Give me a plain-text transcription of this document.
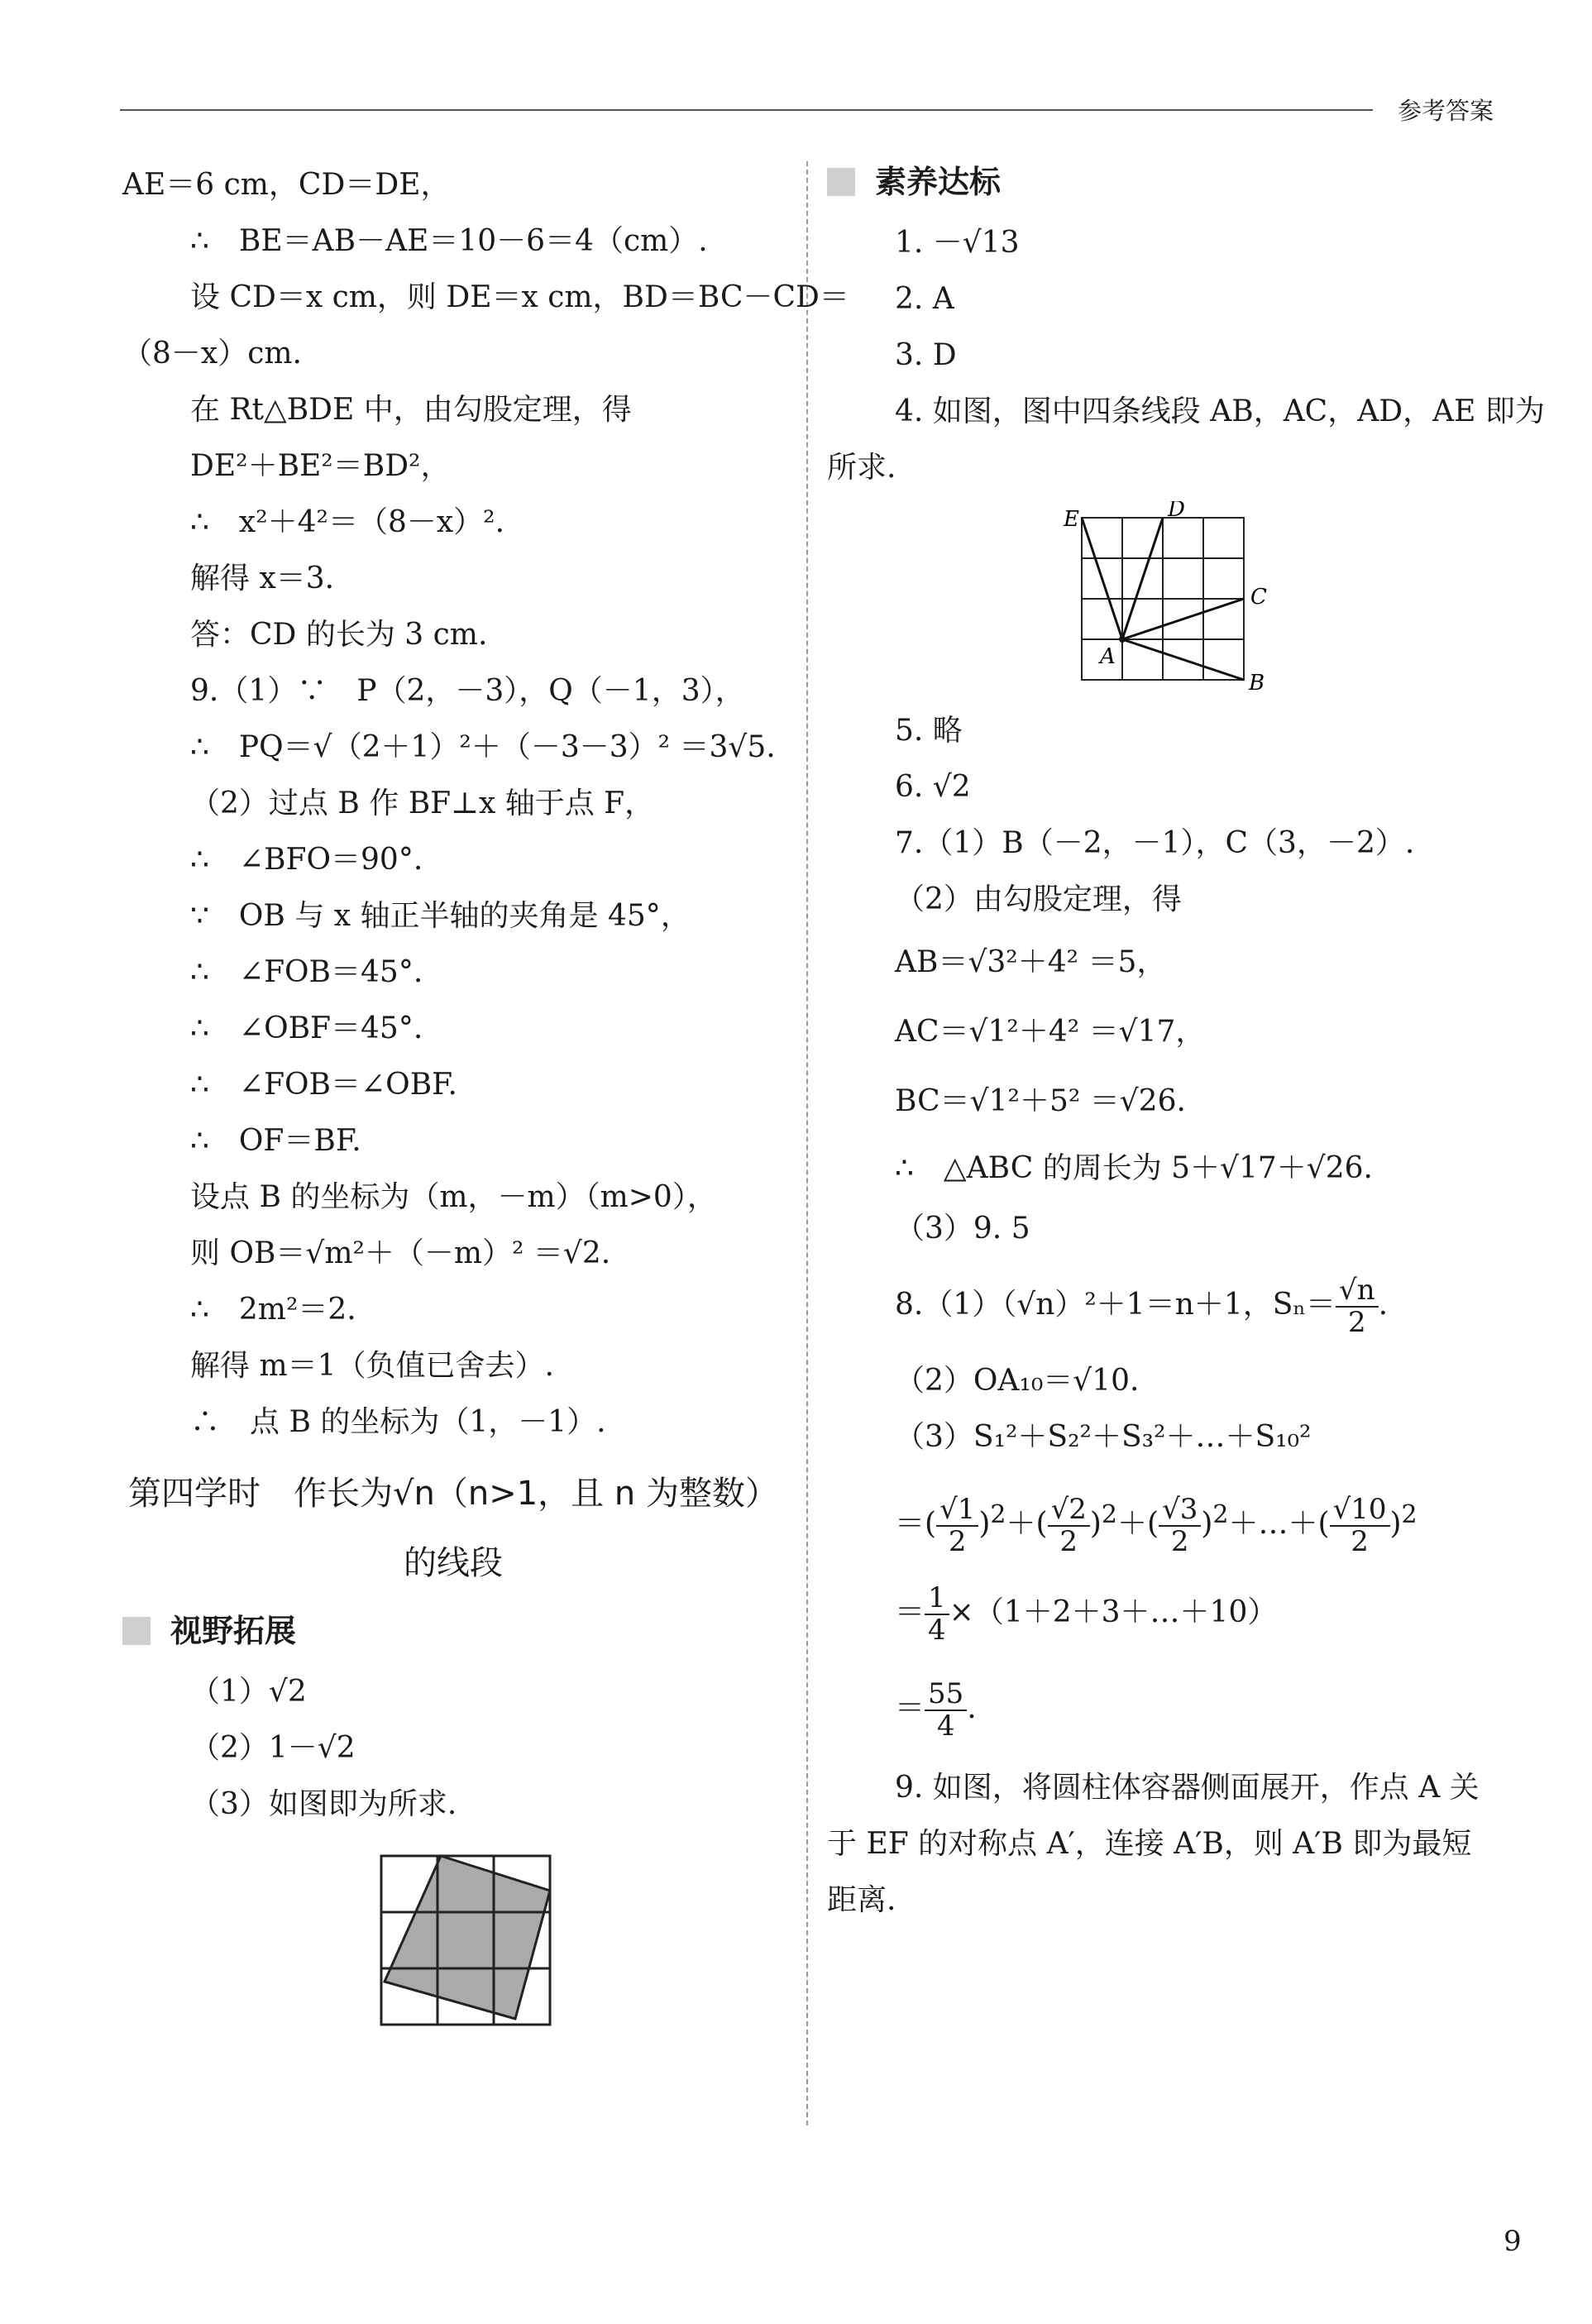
参考答案
AE＝6 cm，CD＝DE，
∴　BE＝AB－AE＝10－6＝4（cm）.
设 CD＝x cm，则 DE＝x cm，BD＝BC－CD＝
（8－x）cm.
在 Rt△BDE 中，由勾股定理，得
DE²＋BE²＝BD²，
∴　x²＋4²＝（8－x）².
解得 x＝3.
答：CD 的长为 3 cm.
9.（1）∵　P（2，－3），Q（－1，3），
∴　PQ＝√（2＋1）²＋（－3－3）² ＝3√5.
（2）过点 B 作 BF⊥x 轴于点 F，
∴　∠BFO＝90°.
∵　OB 与 x 轴正半轴的夹角是 45°，
∴　∠FOB＝45°.
∴　∠OBF＝45°.
∴　∠FOB＝∠OBF.
∴　OF＝BF.
设点 B 的坐标为（m，－m）（m>0），
则 OB＝√m²＋（－m）² ＝√2.
∴　2m²＝2.
解得 m＝1（负值已舍去）.
∴　点 B 的坐标为（1，－1）.
第四学时　作长为√n（n>1，且 n 为整数）
的线段
视野拓展
（1）√2
（2）1－√2
（3）如图即为所求.
素养达标
1. －√13
2. A
3. D
4. 如图，图中四条线段 AB，AC，AD，AE 即为
所求.
E	D
C
A
B
5. 略
6. √2
7.（1）B（－2，－1），C（3，－2）.
（2）由勾股定理，得
AB＝√3²＋4² ＝5，
AC＝√1²＋4² ＝√17，
BC＝√1²＋5² ＝√26.
∴　△ABC 的周长为 5＋√17＋√26.
（3）9. 5
8.（1）（√n）²＋1＝n＋1，$S_n= \frac{√n}{2}$ .
（2）OA₁₀＝√10.
（3）S₁²＋S₂²＋S₃²＋…＋S₁₀²
＝( $\frac{√1}{2} )^2+( \frac{√2}{2} )^2+( \frac{√3}{2}$ )$^2+\dots+( \frac{√10}{2} )^2$
＝ $\frac{1}{4}$ ×（1＋2＋3＋…＋10）
＝ $\frac{55}{4}$ .
9. 如图，将圆柱体容器侧面展开，作点 A 关
于 EF 的对称点 A′，连接 A′B，则 A′B 即为最短
距离.
9
